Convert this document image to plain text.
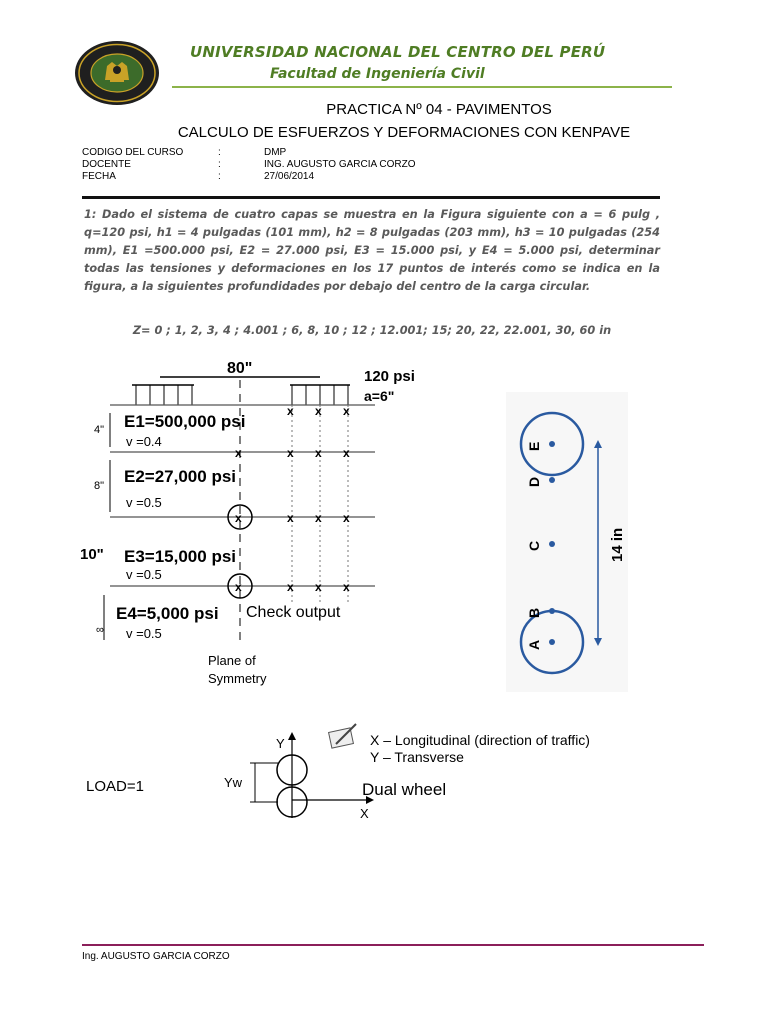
UNIVERSIDAD NACIONAL DEL CENTRO DEL PERÚ
Facultad de Ingeniería Civil
PRACTICA Nº 04 - PAVIMENTOS
CALCULO DE ESFUERZOS Y DEFORMACIONES CON KENPAVE
CODIGO DEL CURSO	:	DMP
DOCENTE	:	ING. AUGUSTO GARCIA CORZO
FECHA	:	27/06/2014
1: Dado el sistema de cuatro capas se muestra en la Figura siguiente con a = 6 pulg , q=120 psi, h1 = 4 pulgadas (101 mm), h2 = 8 pulgadas (203 mm), h3 = 10 pulgadas (254 mm), E1 =500.000 psi, E2 = 27.000 psi, E3 = 15.000 psi, y E4 = 5.000 psi, determinar todas las tensiones y deformaciones en los 17 puntos de interés como se indica en la figura, a la siguientes profundidades por debajo del centro de la carga circular.
Z= 0 ; 1, 2, 3, 4 ; 4.001 ; 6, 8, 10 ; 12 ; 12.001; 15; 20, 22, 22.001, 30, 60 in
80"	120 psi
a=6"
x x x
x	x x x
x	x x x
x	x x x
4"
8"
10"
∞
E1=500,000 psi
v =0.4
E2=27,000 psi
v =0.5
E3=15,000 psi
v =0.5
E4=5,000 psi
v =0.5
Check output
Plane of
Symmetry
A
B
C
D
E
14 in
LOAD=1
Y
X
Yw
X – Longitudinal (direction of traffic)
Y – Transverse
Dual wheel
Ing. AUGUSTO GARCIA CORZO
